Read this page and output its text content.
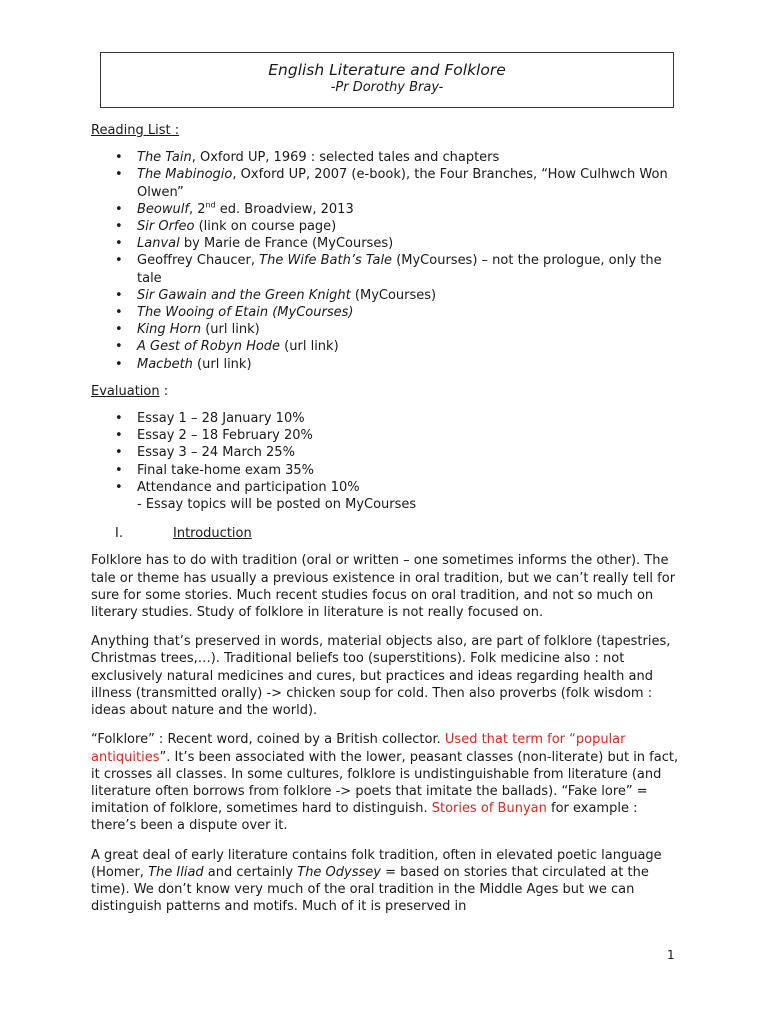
English Literature and Folklore
-Pr Dorothy Bray-
Reading List :
• The Tain, Oxford UP, 1969 : selected tales and chapters
• The Mabinogio, Oxford UP, 2007 (e-book), the Four Branches, “How Culhwch Won Olwen”
• Beowulf, 2nd ed. Broadview, 2013
• Sir Orfeo (link on course page)
• Lanval by Marie de France (MyCourses)
• Geoffrey Chaucer, The Wife Bath’s Tale (MyCourses) – not the prologue, only the tale
• Sir Gawain and the Green Knight (MyCourses)
• The Wooing of Etain (MyCourses)
• King Horn (url link)
• A Gest of Robyn Hode (url link)
• Macbeth (url link)
Evaluation :
• Essay 1 – 28 January 10%
• Essay 2 – 18 February 20%
• Essay 3 – 24 March 25%
• Final take-home exam 35%
• Attendance and participation 10%
- Essay topics will be posted on MyCourses
I.	Introduction

Folklore has to do with tradition (oral or written – one sometimes informs the other). The tale or theme has usually a previous existence in oral tradition, but we can’t really tell for sure for some stories. Much recent studies focus on oral tradition, and not so much on literary studies. Study of folklore in literature is not really focused on.

Anything that’s preserved in words, material objects also, are part of folklore (tapestries, Christmas trees,…). Traditional beliefs too (superstitions). Folk medicine also : not exclusively natural medicines and cures, but practices and ideas regarding health and illness (transmitted orally) -> chicken soup for cold. Then also proverbs (folk wisdom : ideas about nature and the world).

“Folklore” : Recent word, coined by a British collector. Used that term for “popular antiquities”. It’s been associated with the lower, peasant classes (non-literate) but in fact, it crosses all classes. In some cultures, folklore is undistinguishable from literature (and literature often borrows from folklore -> poets that imitate the ballads). “Fake lore” = imitation of folklore, sometimes hard to distinguish. Stories of Bunyan for example : there’s been a dispute over it.

A great deal of early literature contains folk tradition, often in elevated poetic language (Homer, The Iliad and certainly The Odyssey = based on stories that circulated at the time). We don’t know very much of the oral tradition in the Middle Ages but we can distinguish patterns and motifs. Much of it is preserved in

1
